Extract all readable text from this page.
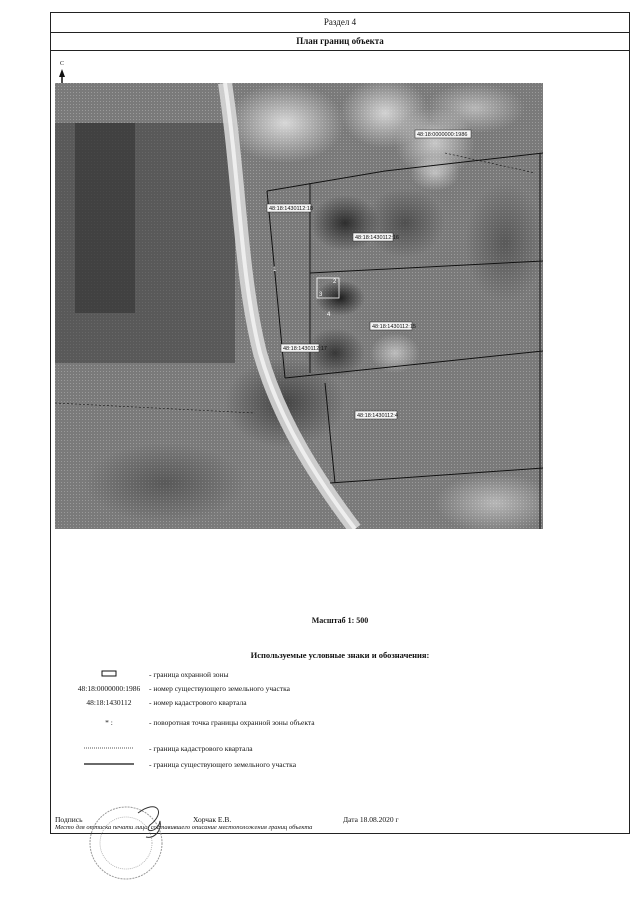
Раздел 4
План границ объекта
С
48:18:0000000:1986
48:18:1430112:18
48:18:1430112:16
48:18:1430112:15
48:18:1430112:17
48:18:1430112:4
1
2
3
4
Масштаб 1: 500
Используемые условные знаки и обозначения:
- граница охранной зоны
48:18:0000000:1986	- номер существующего земельного участка
48:18:1430112	- номер кадастрового квартала
* :	- поворотная точка границы охранной зоны объекта
- граница кадастрового квартала
- граница существующего земельного участка
Подпись	Хорчак Е.В.	Дата 18.08.2020 г
Место для оттиска печати лица, составившего описание местоположения границ объекта
